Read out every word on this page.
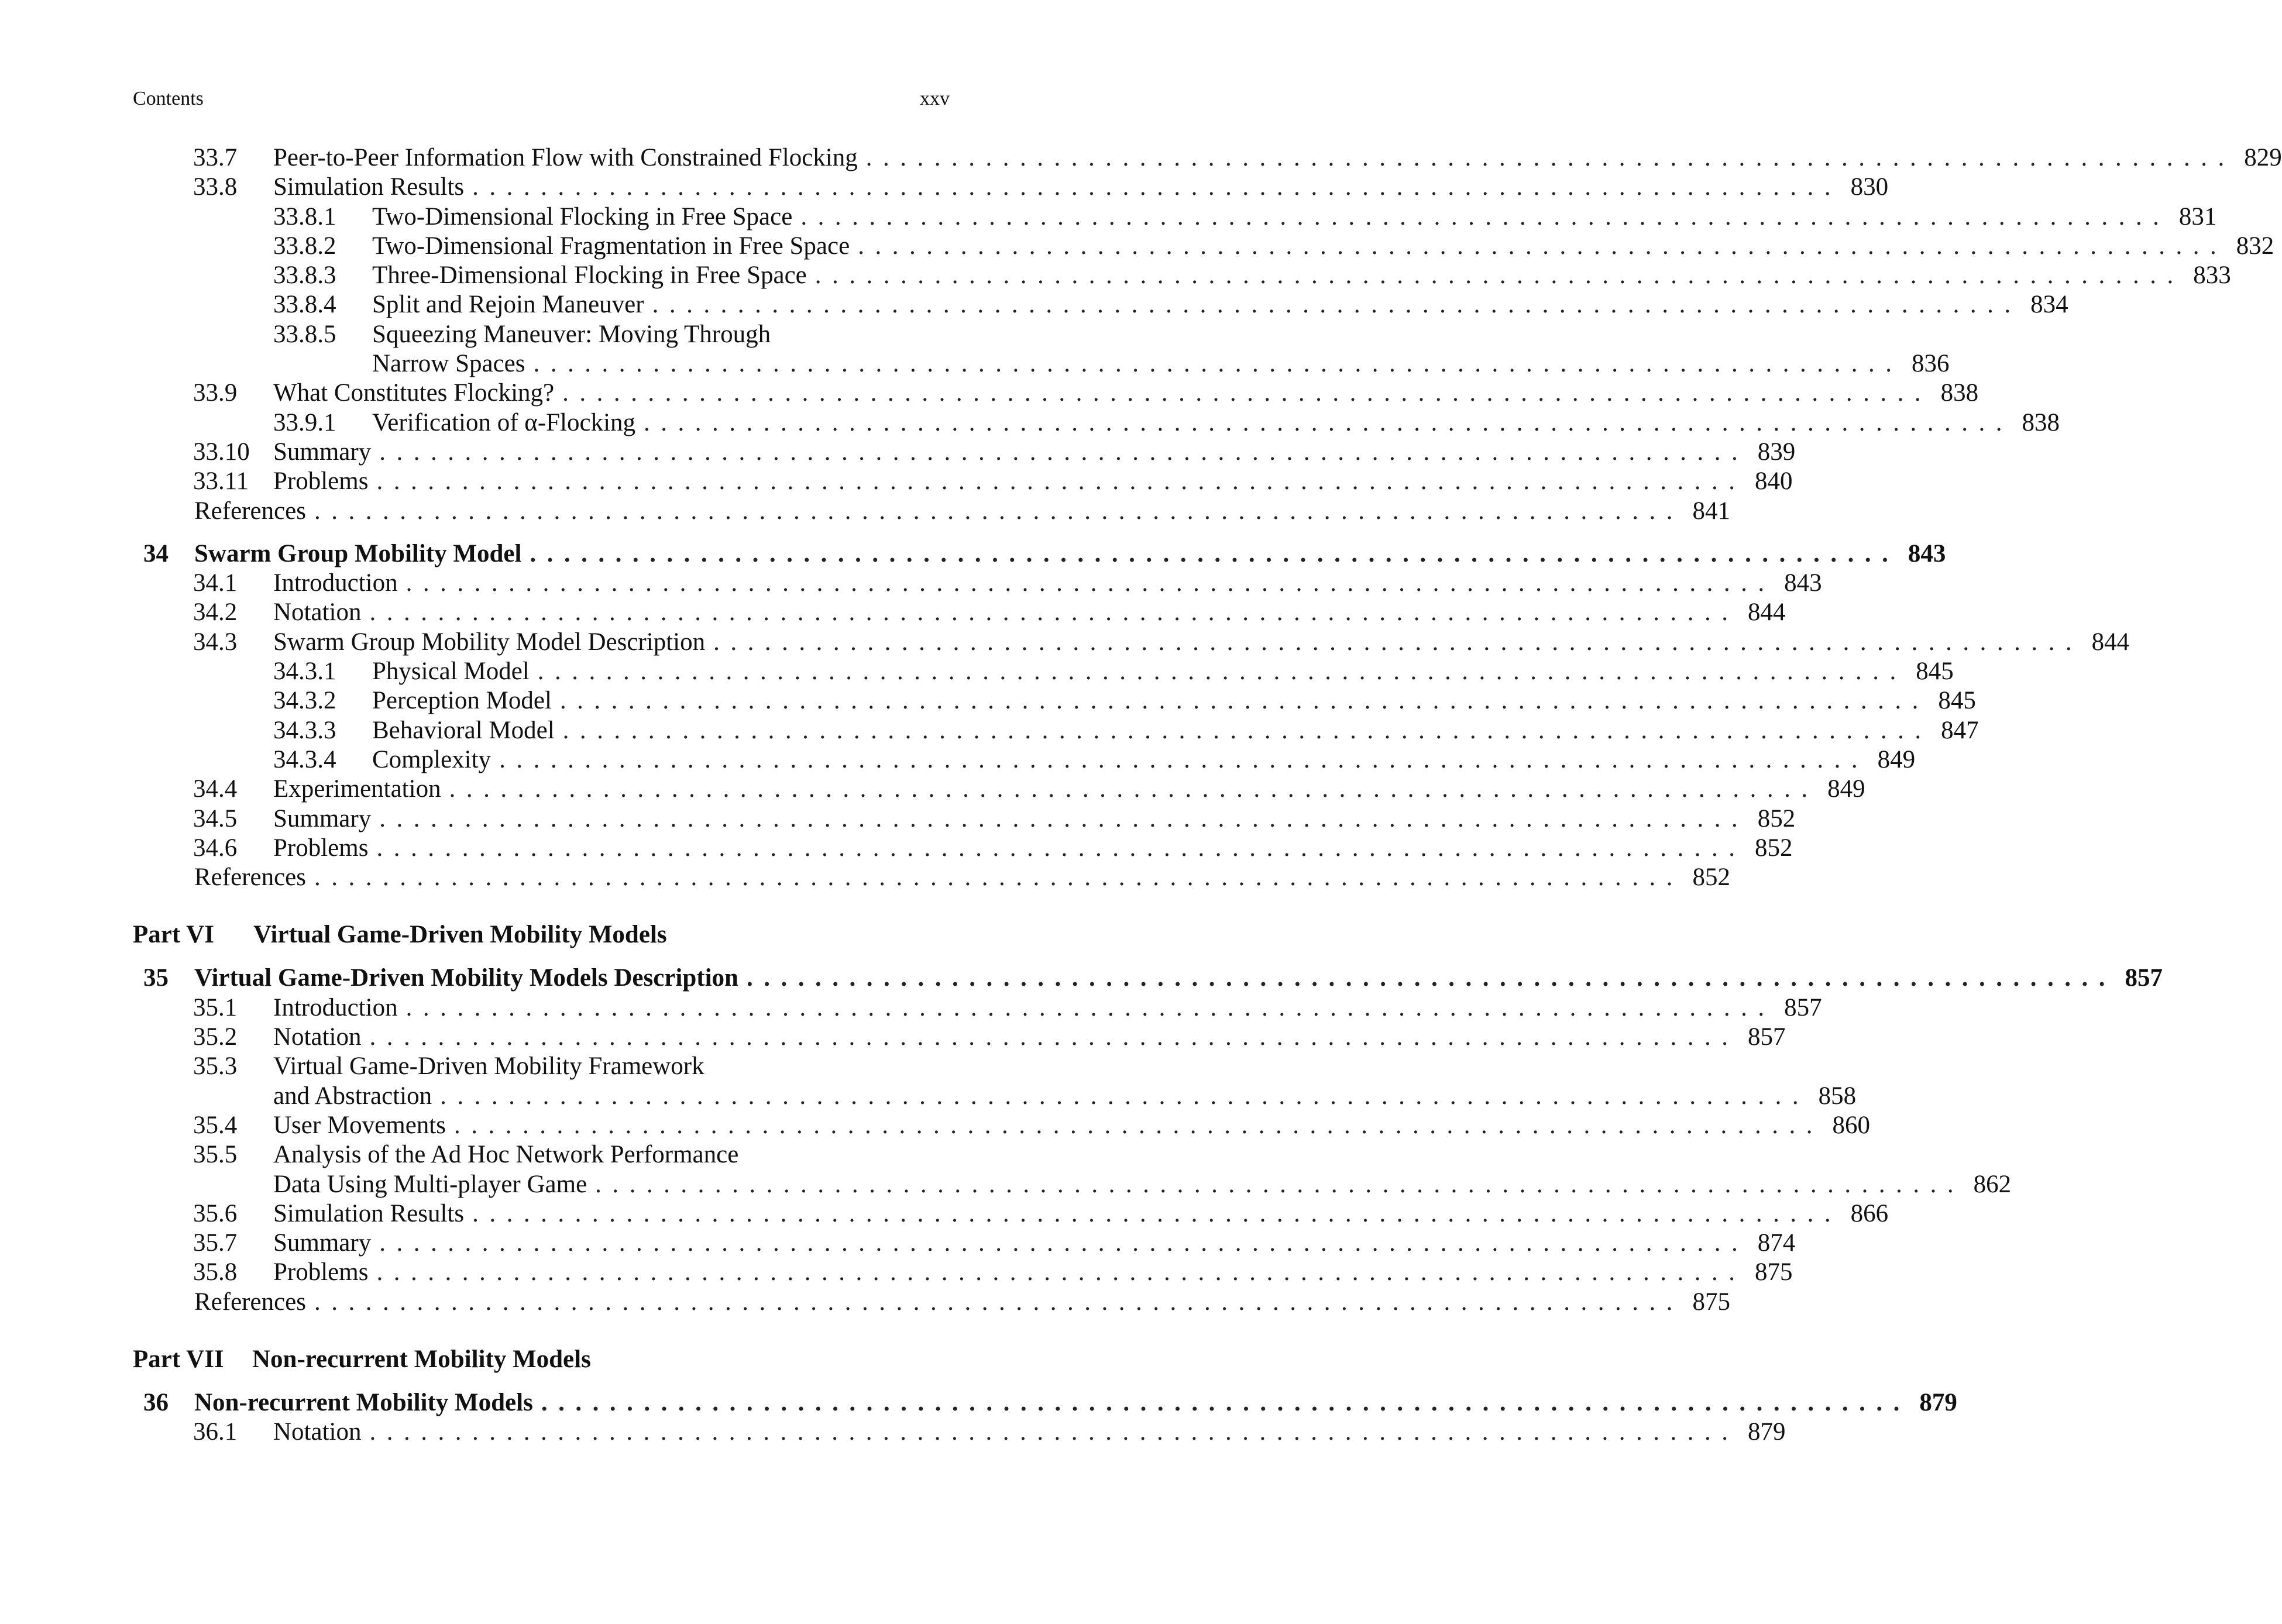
Contents	xxv
33.7 Peer-to-Peer Information Flow with Constrained Flocking ................................................................................ 829
33.8 Simulation Results ................................................................................ 830
33.8.1 Two-Dimensional Flocking in Free Space ................................................................................ 831
33.8.2 Two-Dimensional Fragmentation in Free Space ................................................................................ 832
33.8.3 Three-Dimensional Flocking in Free Space ................................................................................ 833
33.8.4 Split and Rejoin Maneuver ................................................................................ 834
33.8.5 Squeezing Maneuver: Moving Through
Narrow Spaces ................................................................................ 836
33.9 What Constitutes Flocking? ................................................................................ 838
33.9.1 Verification of α-Flocking ................................................................................ 838
33.10 Summary ................................................................................ 839
33.11 Problems ................................................................................ 840
References ................................................................................ 841
34 Swarm Group Mobility Model ................................................................................ 843
34.1 Introduction ................................................................................ 843
34.2 Notation ................................................................................ 844
34.3 Swarm Group Mobility Model Description ................................................................................ 844
34.3.1 Physical Model ................................................................................ 845
34.3.2 Perception Model ................................................................................ 845
34.3.3 Behavioral Model ................................................................................ 847
34.3.4 Complexity ................................................................................ 849
34.4 Experimentation ................................................................................ 849
34.5 Summary ................................................................................ 852
34.6 Problems ................................................................................ 852
References ................................................................................ 852
Part VI Virtual Game-Driven Mobility Models
35 Virtual Game-Driven Mobility Models Description ................................................................................ 857
35.1 Introduction ................................................................................ 857
35.2 Notation ................................................................................ 857
35.3 Virtual Game-Driven Mobility Framework
and Abstraction ................................................................................ 858
35.4 User Movements ................................................................................ 860
35.5 Analysis of the Ad Hoc Network Performance
Data Using Multi-player Game ................................................................................ 862
35.6 Simulation Results ................................................................................ 866
35.7 Summary ................................................................................ 874
35.8 Problems ................................................................................ 875
References ................................................................................ 875
Part VII Non-recurrent Mobility Models
36 Non-recurrent Mobility Models ................................................................................ 879
36.1 Notation ................................................................................ 879
